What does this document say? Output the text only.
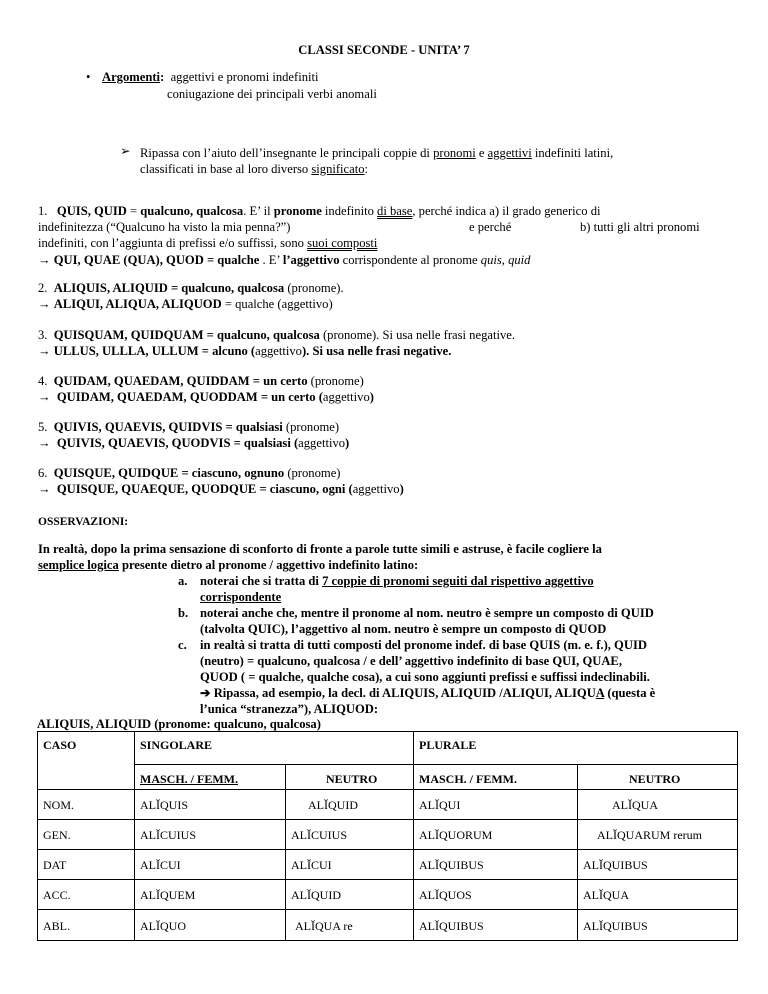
CLASSI SECONDE - UNITA’ 7
• Argomenti: aggettivi e pronomi indefiniti
coniugazione dei principali verbi anomali
➢ Ripassa con l’aiuto dell’insegnante le principali coppie di pronomi e aggettivi indefiniti latini,
classificati in base al loro diverso significato:
1. QUIS, QUID = qualcuno, qualcosa. E’ il pronome indefinito di base, perché indica a) il grado generico di
indefinitezza (“Qualcuno ha visto la mia penna?”)	e perché	b) tutti gli altri pronomi
indefiniti, con l’aggiunta di prefissi e/o suffissi, sono suoi composti
→ QUI, QUAE (QUA), QUOD = qualche . E’ l’aggettivo corrispondente al pronome quis, quid
2. ALIQUIS, ALIQUID = qualcuno, qualcosa (pronome).
→ ALIQUI, ALIQUA, ALIQUOD = qualche (aggettivo)
3. QUISQUAM, QUIDQUAM = qualcuno, qualcosa (pronome). Si usa nelle frasi negative.
→ ULLUS, ULLLA, ULLUM = alcuno (aggettivo). Si usa nelle frasi negative.
4. QUIDAM, QUAEDAM, QUIDDAM = un certo (pronome)
→ QUIDAM, QUAEDAM, QUODDAM = un certo (aggettivo)
5. QUIVIS, QUAEVIS, QUIDVIS = qualsiasi (pronome)
→ QUIVIS, QUAEVIS, QUODVIS = qualsiasi (aggettivo)
6. QUISQUE, QUIDQUE = ciascuno, ognuno (pronome)
→ QUISQUE, QUAEQUE, QUODQUE = ciascuno, ogni (aggettivo)
OSSERVAZIONI:
In realtà, dopo la prima sensazione di sconforto di fronte a parole tutte simili e astruse, è facile cogliere la
semplice logica presente dietro al pronome / aggettivo indefinito latino:
a. noterai che si tratta di 7 coppie di pronomi seguiti dal rispettivo aggettivo
corrispondente
b. noterai anche che, mentre il pronome al nom. neutro è sempre un composto di QUID
(talvolta QUIC), l’aggettivo al nom. neutro è sempre un composto di QUOD
c. in realtà si tratta di tutti composti del pronome indef. di base QUIS (m. e. f.), QUID
(neutro) = qualcuno, qualcosa / e dell’ aggettivo indefinito di base QUI, QUAE,
QUOD ( = qualche, qualche cosa), a cui sono aggiunti prefissi e suffissi indeclinabili.
➔ Ripassa, ad esempio, la decl. di ALIQUIS, ALIQUID /ALIQUI, ALIQUA (questa è
l’unica “stranezza”), ALIQUOD:
ALIQUIS, ALIQUID (pronome: qualcuno, qualcosa)
CASO	SINGOLARE	PLURALE
MASCH. / FEMM.	NEUTRO	MASCH. / FEMM.	NEUTRO
NOM.	ALĬQUIS	ALĬQUID	ALĬQUI	ALĬQUA
GEN.	ALĬCUIUS	ALĬCUIUS	ALĬQUORUM	ALĬQUARUM rerum
DAT	ALĬCUI	ALĬCUI	ALĬQUIBUS	ALĬQUIBUS
ACC.	ALĬQUEM	ALĬQUID	ALĬQUOS	ALĬQUA
ABL.	ALĬQUO	ALĬQUA re	ALĬQUIBUS	ALĬQUIBUS
